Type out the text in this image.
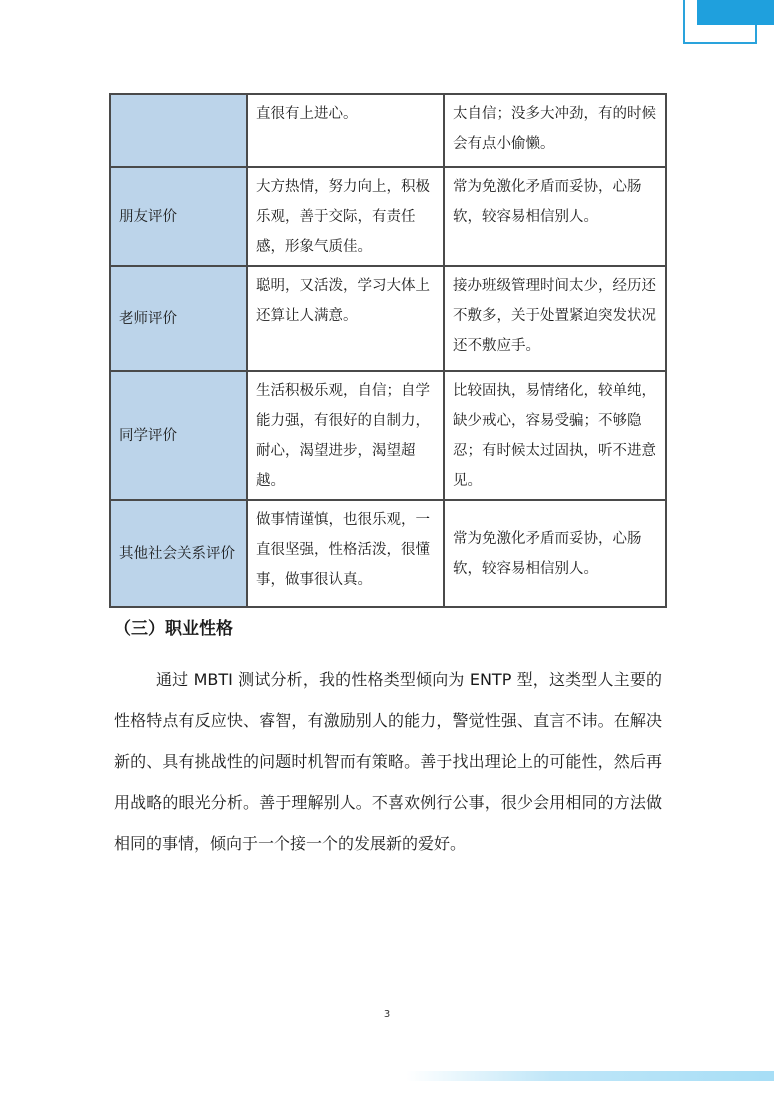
	直很有上进心。	太自信；没多大冲劲，有的时候会有点小偷懒。
朋友评价	大方热情，努力向上，积极乐观，善于交际，有责任感，形象气质佳。	常为免激化矛盾而妥协，心肠软，较容易相信别人。
老师评价	聪明，又活泼，学习大体上还算让人满意。	接办班级管理时间太少，经历还不敷多，关于处置紧迫突发状况还不敷应手。
同学评价	生活积极乐观，自信；自学能力强，有很好的自制力，耐心，渴望进步，渴望超越。	比较固执，易情绪化，较单纯，缺少戒心，容易受骗；不够隐忍；有时候太过固执，听不进意见。
其他社会关系评价	做事情谨慎，也很乐观，一直很坚强，性格活泼，很懂事，做事很认真。	常为免激化矛盾而妥协，心肠软，较容易相信别人。
（三）职业性格

通过 MBTI 测试分析，我的性格类型倾向为 ENTP 型，这类型人主要的性格特点有反应快、睿智，有激励别人的能力，警觉性强、直言不讳。在解决新的、具有挑战性的问题时机智而有策略。善于找出理论上的可能性，然后再用战略的眼光分析。善于理解别人。不喜欢例行公事，很少会用相同的方法做 相同的事情，倾向于一个接一个的发展新的爱好。

3
